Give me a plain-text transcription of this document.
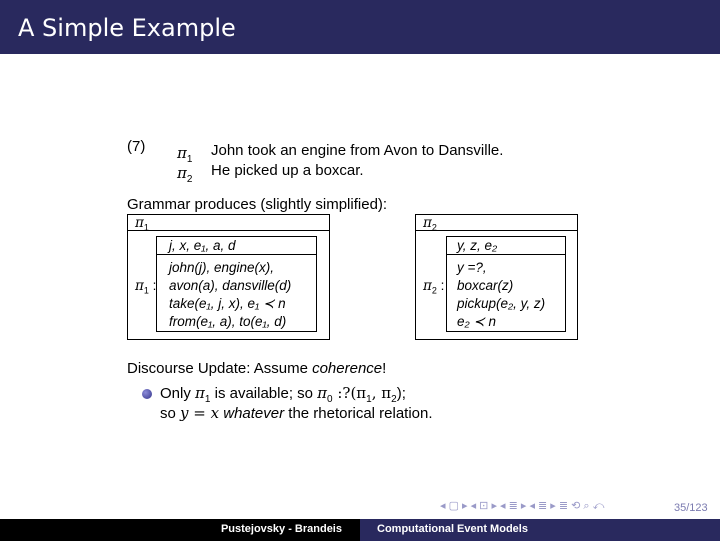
A Simple Example
(7) $\pi_1$
John took an engine from Avon to Dansville.
$\pi_2$
He picked up a boxcar.
Grammar produces (slightly simplified):
$\pi_1$
$\pi_1$ :
j, x, e₁, a, d
john(j), engine(x),
avon(a), dansville(d)
take(e₁, j, x), e₁ ≺ n
from(e₁, a), to(e₁, d)
$\pi_2$
$\pi_2$ :
y, z, e₂
y =?,
boxcar(z)
pickup(e₂, y, z)
e₂ ≺ n
Discourse Update: Assume coherence!
Only $\pi_1$ is available; so $\pi_0$ $:?(\pi_1$, $\pi_2$);
so y = x whatever the rhetorical relation.
◂ ▢ ▸ ◂ ⊡ ▸ ◂ ≣ ▸ ◂ ≣ ▸ ≣ ⟲ ⌕ ⤺	35/123
Pustejovsky - Brandeis	Computational Event Models
